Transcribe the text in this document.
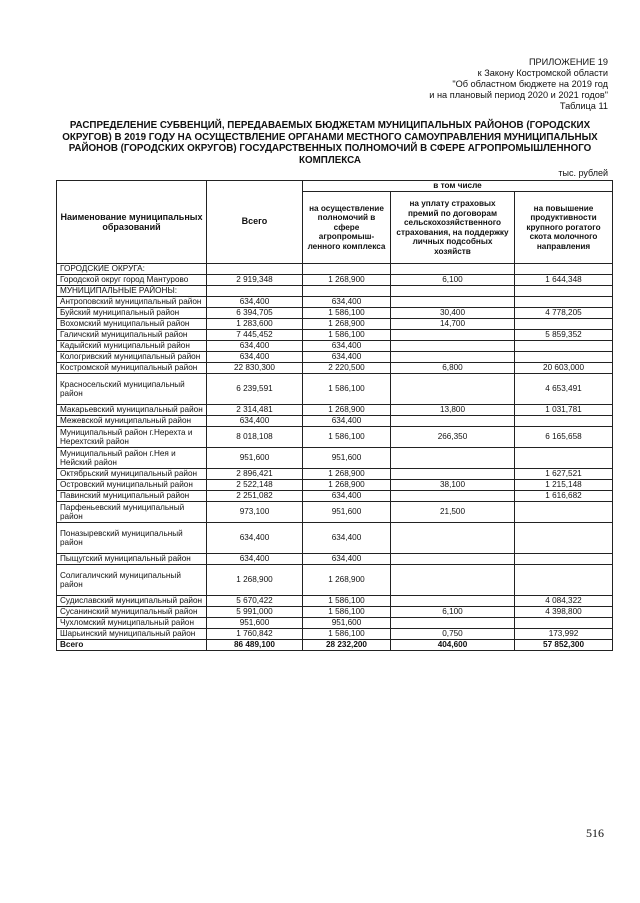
ПРИЛОЖЕНИЕ 19
к Закону Костромской области
"Об областном бюджете на 2019 год
и на плановый период 2020 и 2021 годов"
Таблица 11
РАСПРЕДЕЛЕНИЕ СУБВЕНЦИЙ, ПЕРЕДАВАЕМЫХ БЮДЖЕТАМ МУНИЦИПАЛЬНЫХ РАЙОНОВ (ГОРОДСКИХ ОКРУГОВ) В 2019 ГОДУ НА ОСУЩЕСТВЛЕНИЕ ОРГАНАМИ МЕСТНОГО САМОУПРАВЛЕНИЯ МУНИЦИПАЛЬНЫХ РАЙОНОВ (ГОРОДСКИХ ОКРУГОВ) ГОСУДАРСТВЕННЫХ ПОЛНОМОЧИЙ В СФЕРЕ АГРОПРОМЫШЛЕННОГО КОМПЛЕКСА
тыс. рублей
Наименование муниципальных образований	Всего	в том числе		
		на осуществление полномочий в сфере агропромыш-ленного комплекса	на уплату страховых премий по договорам сельскохозяйственного страхования, на поддержку личных подсобных хозяйств	на повышение продуктивности крупного рогатого скота молочного направления
ГОРОДСКИЕ ОКРУГА:				
Городской округ город Мантурово	2 919,348	1 268,900	6,100	1 644,348
МУНИЦИПАЛЬНЫЕ РАЙОНЫ:				
Антроповский муниципальный район	634,400	634,400		
Буйский муниципальный район	6 394,705	1 586,100	30,400	4 778,205
Вохомский муниципальный район	1 283,600	1 268,900	14,700	
Галичский муниципальный район	7 445,452	1 586,100		5 859,352
Кадыйский муниципальный район	634,400	634,400		
Кологривский муниципальный район	634,400	634,400		
Костромской муниципальный район	22 830,300	2 220,500	6,800	20 603,000
Красносельский муниципальный район	6 239,591	1 586,100		4 653,491
Макарьевский муниципальный район	2 314,481	1 268,900	13,800	1 031,781
Межевской муниципальный район	634,400	634,400		
Муниципальный район г.Нерехта и Нерехтский район	8 018,108	1 586,100	266,350	6 165,658
Муниципальный район г.Нея и Нейский район	951,600	951,600		
Октябрьский муниципальный район	2 896,421	1 268,900		1 627,521
Островский муниципальный район	2 522,148	1 268,900	38,100	1 215,148
Павинский муниципальный район	2 251,082	634,400		1 616,682
Парфеньевский муниципальный район	973,100	951,600	21,500	
Поназыревский муниципальный район	634,400	634,400		
Пыщугский муниципальный район	634,400	634,400		
Солигаличский муниципальный район	1 268,900	1 268,900		
Судиславский муниципальный район	5 670,422	1 586,100		4 084,322
Сусанинский муниципальный район	5 991,000	1 586,100	6,100	4 398,800
Чухломский муниципальный район	951,600	951,600		
Шарьинский муниципальный район	1 760,842	1 586,100	0,750	173,992
Всего	86 489,100	28 232,200	404,600	57 852,300
516
